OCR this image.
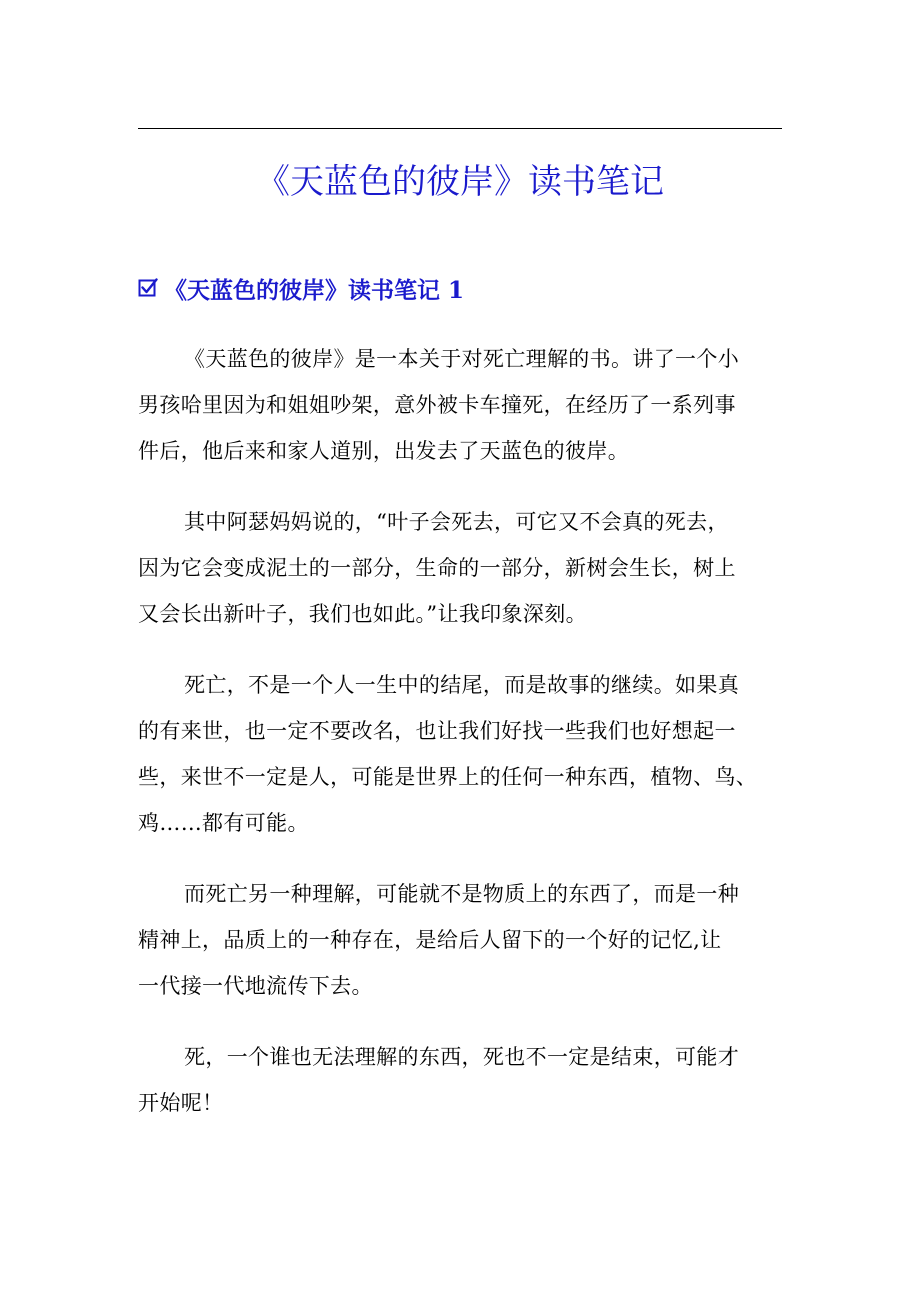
《天蓝色的彼岸》读书笔记
《天蓝色的彼岸》读书笔记 1

《天蓝色的彼岸》是一本关于对死亡理解的书。讲了一个小
男孩哈里因为和姐姐吵架，意外被卡车撞死，在经历了一系列事
件后，他后来和家人道别，出发去了天蓝色的彼岸。

其中阿瑟妈妈说的，“叶子会死去，可它又不会真的死去，
因为它会变成泥土的一部分，生命的一部分，新树会生长，树上
又会长出新叶子，我们也如此。”让我印象深刻。

死亡，不是一个人一生中的结尾，而是故事的继续。如果真
的有来世，也一定不要改名，也让我们好找一些我们也好想起一
些，来世不一定是人，可能是世界上的任何一种东西，植物、鸟、
鸡……都有可能。

而死亡另一种理解，可能就不是物质上的东西了，而是一种
精神上，品质上的一种存在，是给后人留下的一个好的记忆,让
一代接一代地流传下去。

死，一个谁也无法理解的东西，死也不一定是结束，可能才
开始呢！
